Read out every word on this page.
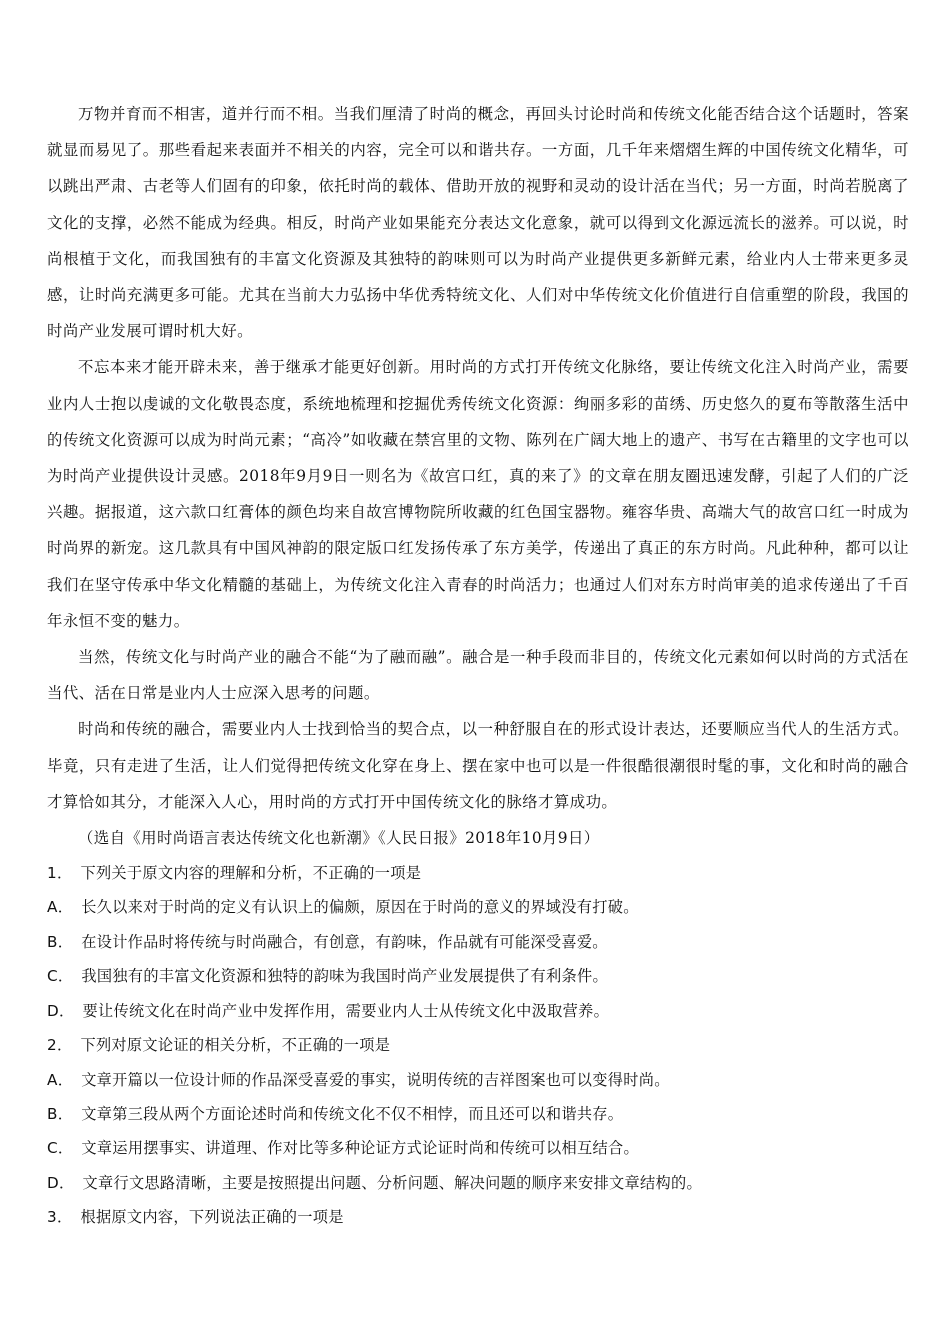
万物并育而不相害，道并行而不相。当我们厘清了时尚的概念，再回头讨论时尚和传统文化能否结合这个话题时，答案就显而易见了。那些看起来表面并不相关的内容，完全可以和谐共存。一方面，几千年来熠熠生辉的中国传统文化精华，可以跳出严肃、古老等人们固有的印象，依托时尚的载体、借助开放的视野和灵动的设计活在当代；另一方面，时尚若脱离了文化的支撑，必然不能成为经典。相反，时尚产业如果能充分表达文化意象，就可以得到文化源远流长的滋养。可以说，时尚根植于文化，而我国独有的丰富文化资源及其独特的韵味则可以为时尚产业提供更多新鲜元素，给业内人士带来更多灵感，让时尚充满更多可能。尤其在当前大力弘扬中华优秀特统文化、人们对中华传统文化价值进行自信重塑的阶段，我国的时尚产业发展可谓时机大好。

不忘本来才能开辟未来，善于继承才能更好创新。用时尚的方式打开传统文化脉络，要让传统文化注入时尚产业，需要业内人士抱以虔诚的文化敬畏态度，系统地梳理和挖掘优秀传统文化资源：绚丽多彩的苗绣、历史悠久的夏布等散落生活中的传统文化资源可以成为时尚元素；“高冷”如收藏在禁宫里的文物、陈列在广阔大地上的遗产、书写在古籍里的文字也可以为时尚产业提供设计灵感。2018年9月9日一则名为《故宫口红，真的来了》的文章在朋友圈迅速发酵，引起了人们的广泛兴趣。据报道，这六款口红膏体的颜色均来自故宫博物院所收藏的红色国宝器物。雍容华贵、高端大气的故宫口红一时成为时尚界的新宠。这几款具有中国风神韵的限定版口红发扬传承了东方美学，传递出了真正的东方时尚。凡此种种，都可以让我们在坚守传承中华文化精髓的基础上，为传统文化注入青春的时尚活力；也通过人们对东方时尚审美的追求传递出了千百年永恒不变的魅力。

当然，传统文化与时尚产业的融合不能“为了融而融”。融合是一种手段而非目的，传统文化元素如何以时尚的方式活在当代、活在日常是业内人士应深入思考的问题。

时尚和传统的融合，需要业内人士找到恰当的契合点，以一种舒服自在的形式设计表达，还要顺应当代人的生活方式。毕竟，只有走进了生活，让人们觉得把传统文化穿在身上、摆在家中也可以是一件很酷很潮很时髦的事，文化和时尚的融合才算恰如其分，才能深入人心，用时尚的方式打开中国传统文化的脉络才算成功。

（选自《用时尚语言表达传统文化也新潮》《人民日报》2018年10月9日）
1． 下列关于原文内容的理解和分析，不正确的一项是
A． 长久以来对于时尚的定义有认识上的偏颇，原因在于时尚的意义的界域没有打破。
B． 在设计作品时将传统与时尚融合，有创意，有韵味，作品就有可能深受喜爱。
C． 我国独有的丰富文化资源和独特的韵味为我国时尚产业发展提供了有利条件。
D． 要让传统文化在时尚产业中发挥作用，需要业内人士从传统文化中汲取营养。
2． 下列对原文论证的相关分析，不正确的一项是
A． 文章开篇以一位设计师的作品深受喜爱的事实，说明传统的吉祥图案也可以变得时尚。
B． 文章第三段从两个方面论述时尚和传统文化不仅不相悖，而且还可以和谐共存。
C． 文章运用摆事实、讲道理、作对比等多种论证方式论证时尚和传统可以相互结合。
D． 文章行文思路清晰，主要是按照提出问题、分析问题、解决问题的顺序来安排文章结构的。
3． 根据原文内容，下列说法正确的一项是
